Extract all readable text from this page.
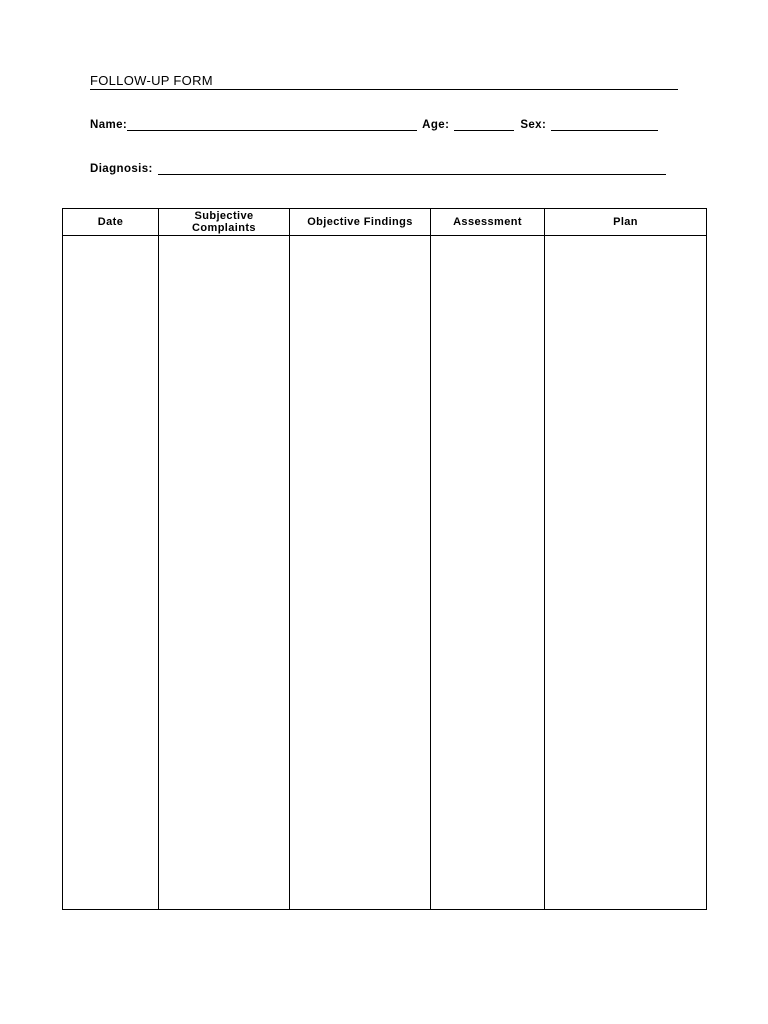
FOLLOW-UP FORM
Name:	Age:	Sex:
Diagnosis:
Date	Subjective Complaints	Objective Findings	Assessment	Plan
